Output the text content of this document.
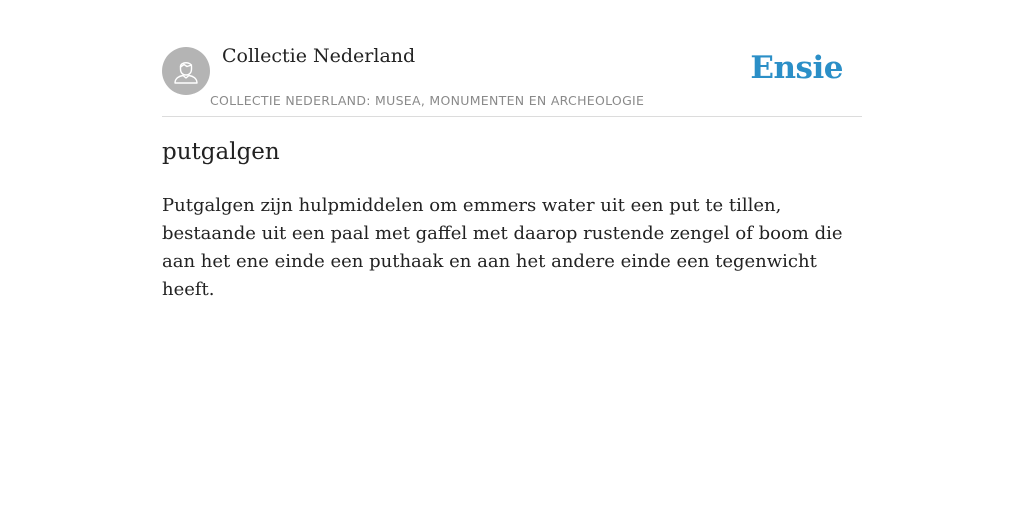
Collectie Nederland
COLLECTIE NEDERLAND: MUSEA, MONUMENTEN EN ARCHEOLOGIE
Ensie
putgalgen

Putgalgen zijn hulpmiddelen om emmers water uit een put te tillen, bestaande uit een paal met gaffel met daarop rustende zengel of boom die aan het ene einde een puthaak en aan het andere einde een tegenwicht heeft.
